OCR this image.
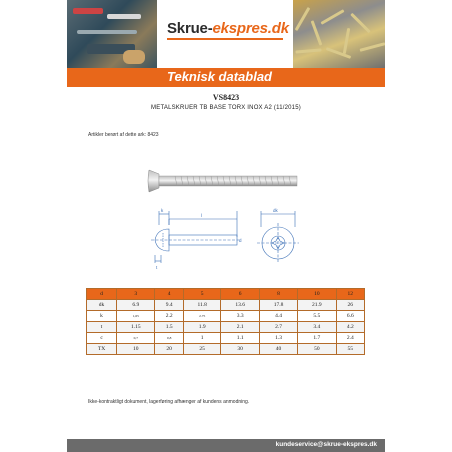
Skrue-ekspres.dk
Teknisk datablad
VS8423
METALSKRUER TB BASE TORX INOX A2 (11/2015)
Artikler berørt af dette ark: 8423
k
l
d
dk
t
d	3	4	5	6	8	10	12
dk	6.9	9.4	11.8	13.6	17.8	21.9	26
k	1,65	2.2	2.75	3.3	4.4	5.5	6.6
t	1.15	1.5	1.9	2.1	2.7	3.4	4.2
c	0,7	0,8	1	1.1	1.3	1.7	2.4
TX	10	20	25	30	40	50	55
Ikke-kontraktligt dokument, lagerføring afhænger af kundens anmodning.
kundeservice@skrue-ekspres.dk
